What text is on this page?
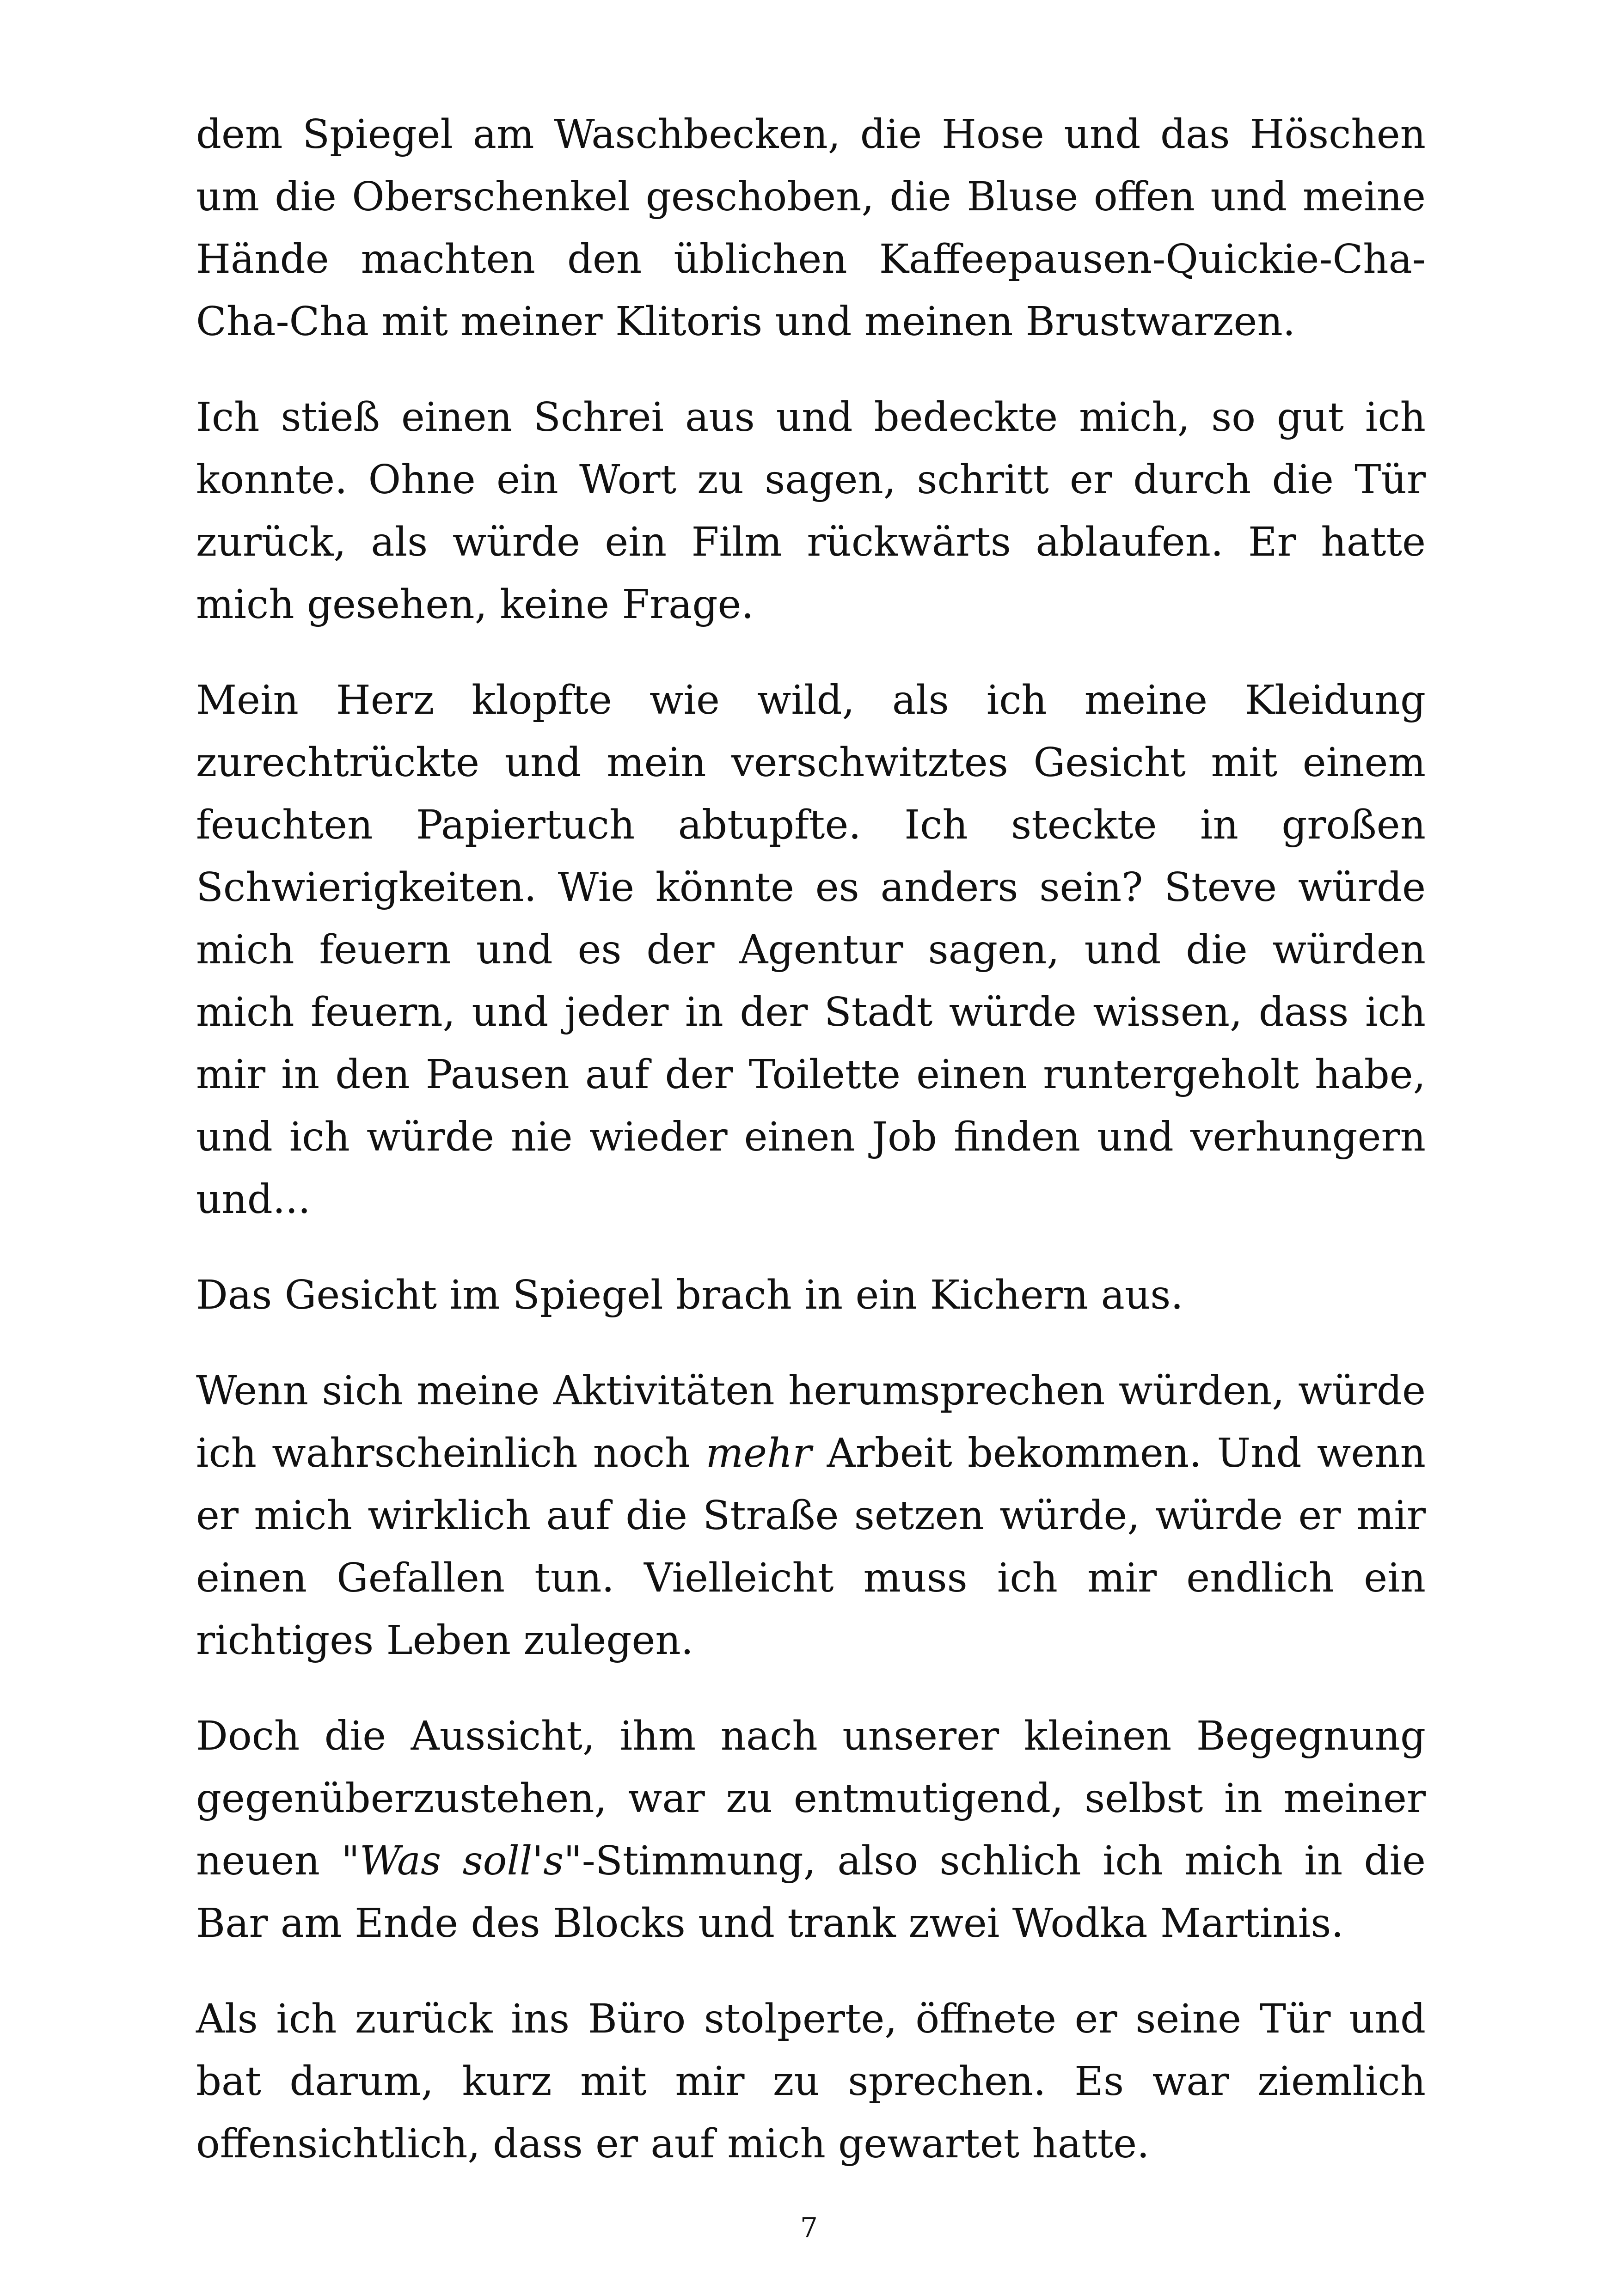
dem Spiegel am Waschbecken, die Hose und das Höschen um die Oberschenkel geschoben, die Bluse offen und meine Hände machten den üblichen Kaffeepausen-Quickie-Cha-Cha-Cha mit meiner Klitoris und meinen Brustwarzen.

Ich stieß einen Schrei aus und bedeckte mich, so gut ich konnte. Ohne ein Wort zu sagen, schritt er durch die Tür zurück, als würde ein Film rückwärts ablaufen. Er hatte mich gesehen, keine Frage.

Mein Herz klopfte wie wild, als ich meine Kleidung zurechtrückte und mein verschwitztes Gesicht mit einem feuchten Papiertuch abtupfte. Ich steckte in großen Schwierigkeiten. Wie könnte es anders sein? Steve würde mich feuern und es der Agentur sagen, und die würden mich feuern, und jeder in der Stadt würde wissen, dass ich mir in den Pausen auf der Toilette einen runtergeholt habe, und ich würde nie wieder einen Job finden und verhungern und...

Das Gesicht im Spiegel brach in ein Kichern aus.

Wenn sich meine Aktivitäten herumsprechen würden, würde ich wahrscheinlich noch mehr Arbeit bekommen. Und wenn er mich wirklich auf die Straße setzen würde, würde er mir einen Gefallen tun. Vielleicht muss ich mir endlich ein richtiges Leben zulegen.

Doch die Aussicht, ihm nach unserer kleinen Begegnung gegenüberzustehen, war zu entmutigend, selbst in meiner neuen "Was soll's"-Stimmung, also schlich ich mich in die Bar am Ende des Blocks und trank zwei Wodka Martinis.

Als ich zurück ins Büro stolperte, öffnete er seine Tür und bat darum, kurz mit mir zu sprechen. Es war ziemlich offensichtlich, dass er auf mich gewartet hatte.

7
